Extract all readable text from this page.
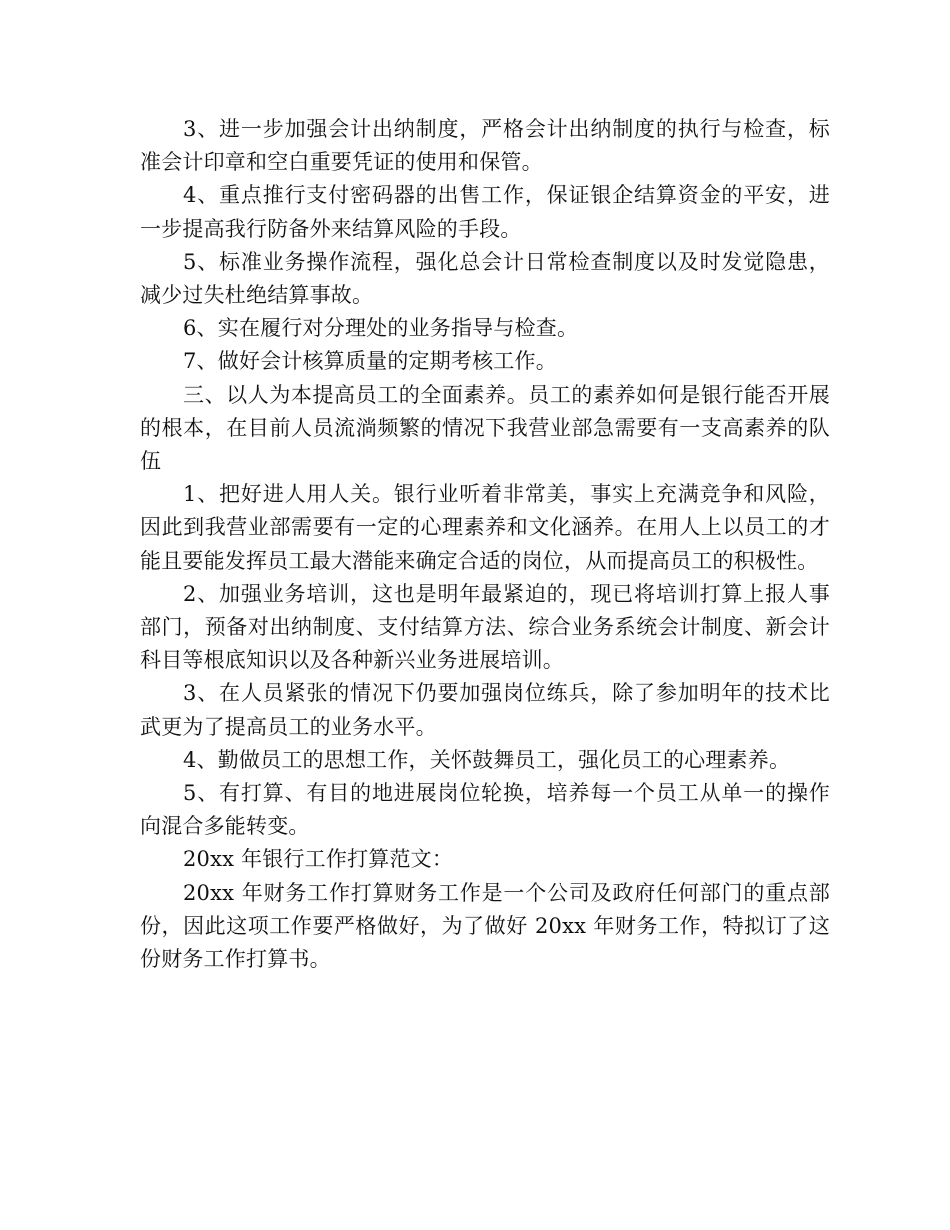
3、进一步加强会计出纳制度，严格会计出纳制度的执行与检查，标准会计印章和空白重要凭证的使用和保管。

4、重点推行支付密码器的出售工作，保证银企结算资金的平安，进一步提高我行防备外来结算风险的手段。

5、标准业务操作流程，强化总会计日常检查制度以及时发觉隐患，减少过失杜绝结算事故。

6、实在履行对分理处的业务指导与检查。

7、做好会计核算质量的定期考核工作。

三、以人为本提高员工的全面素养。员工的素养如何是银行能否开展的根本，在目前人员流淌频繁的情况下我营业部急需要有一支高素养的队伍

1、把好进人用人关。银行业听着非常美，事实上充满竞争和风险，因此到我营业部需要有一定的心理素养和文化涵养。在用人上以员工的才能且要能发挥员工最大潜能来确定合适的岗位，从而提高员工的积极性。

2、加强业务培训，这也是明年最紧迫的，现已将培训打算上报人事部门，预备对出纳制度、支付结算方法、综合业务系统会计制度、新会计科目等根底知识以及各种新兴业务进展培训。

3、在人员紧张的情况下仍要加强岗位练兵，除了参加明年的技术比武更为了提高员工的业务水平。

4、勤做员工的思想工作，关怀鼓舞员工，强化员工的心理素养。

5、有打算、有目的地进展岗位轮换，培养每一个员工从单一的操作向混合多能转变。

20xx 年银行工作打算范文：

20xx 年财务工作打算财务工作是一个公司及政府任何部门的重点部份，因此这项工作要严格做好，为了做好 20xx 年财务工作，特拟订了这份财务工作打算书。
